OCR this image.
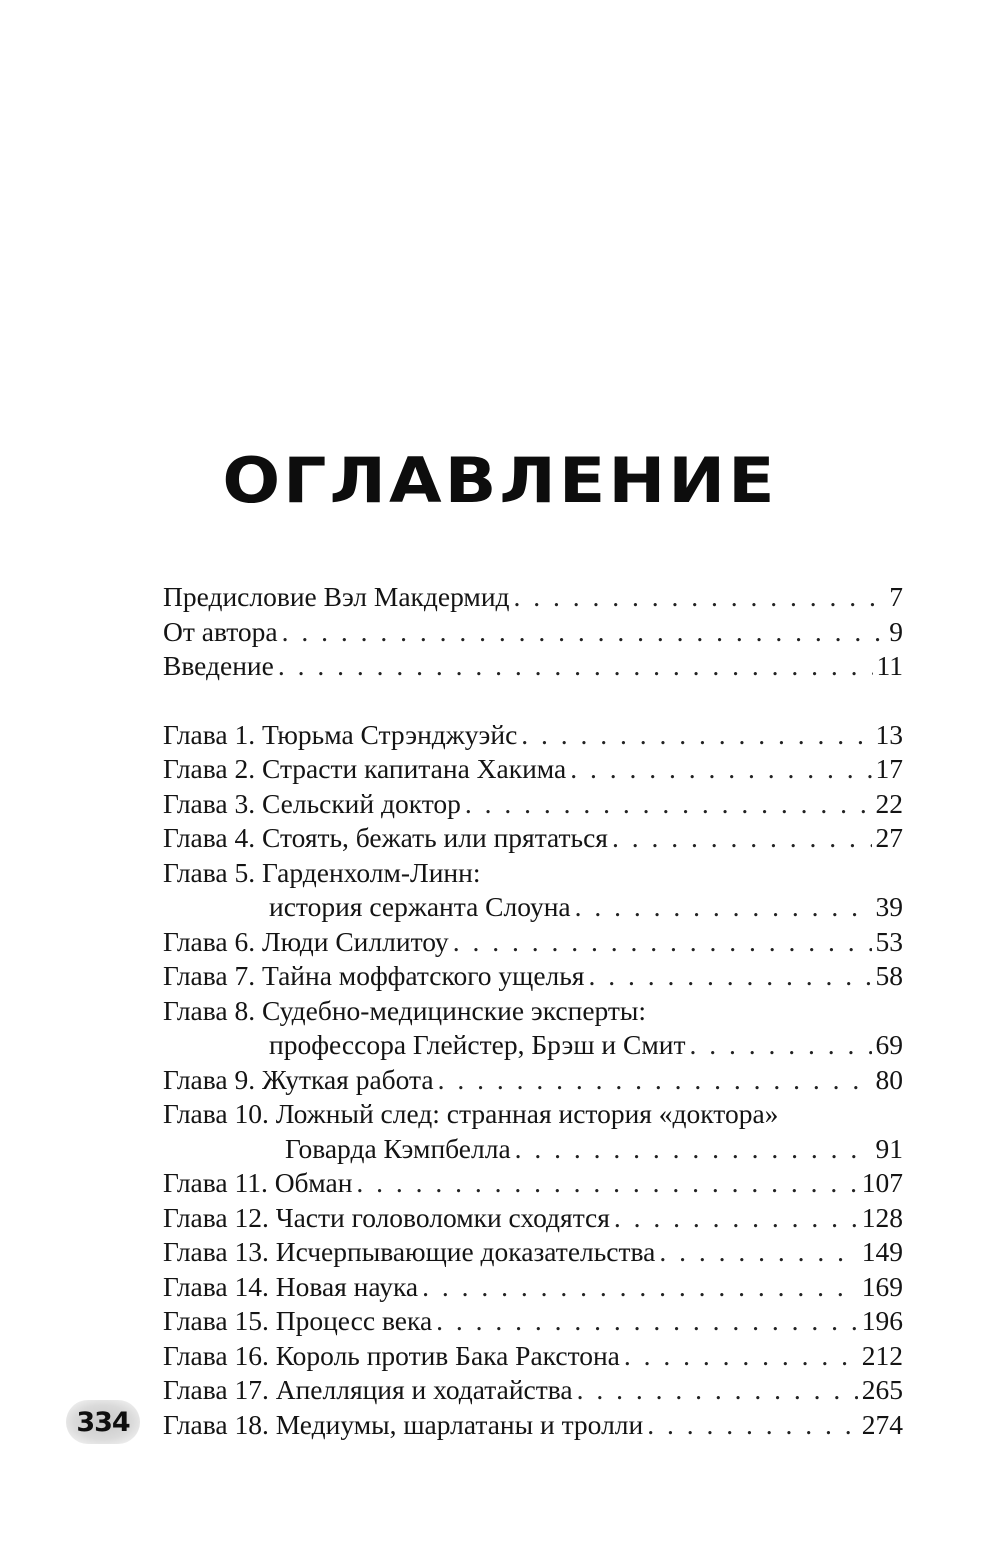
ОГЛАВЛЕНИЕ
Предисловие Вэл Макдермид . . .	7
От автора . . .	9
Введение . . .	11
Глава 1. Тюрьма Стрэнджуэйс . . .	13
Глава 2. Страсти капитана Хакима . . .	17
Глава 3. Сельский доктор . . .	22
Глава 4. Стоять, бежать или прятаться . . .	27
Глава 5. Гарденхолм-Линн:
история сержанта Слоуна . . .	39
Глава 6. Люди Силлитоу . . .	53
Глава 7. Тайна моффатского ущелья . . .	58
Глава 8. Судебно-медицинские эксперты:
профессора Глейстер, Брэш и Смит . . .	69
Глава 9. Жуткая работа . . .	80
Глава 10. Ложный след: странная история «доктора»
Говарда Кэмпбелла . . .	91
Глава 11. Обман . . .	107
Глава 12. Части головоломки сходятся . . .	128
Глава 13. Исчерпывающие доказательства . . .	149
Глава 14. Новая наука . . .	169
Глава 15. Процесс века . . .	196
Глава 16. Король против Бака Ракстона . . .	212
Глава 17. Апелляция и ходатайства . . .	265
Глава 18. Медиумы, шарлатаны и тролли . . .	274
334
